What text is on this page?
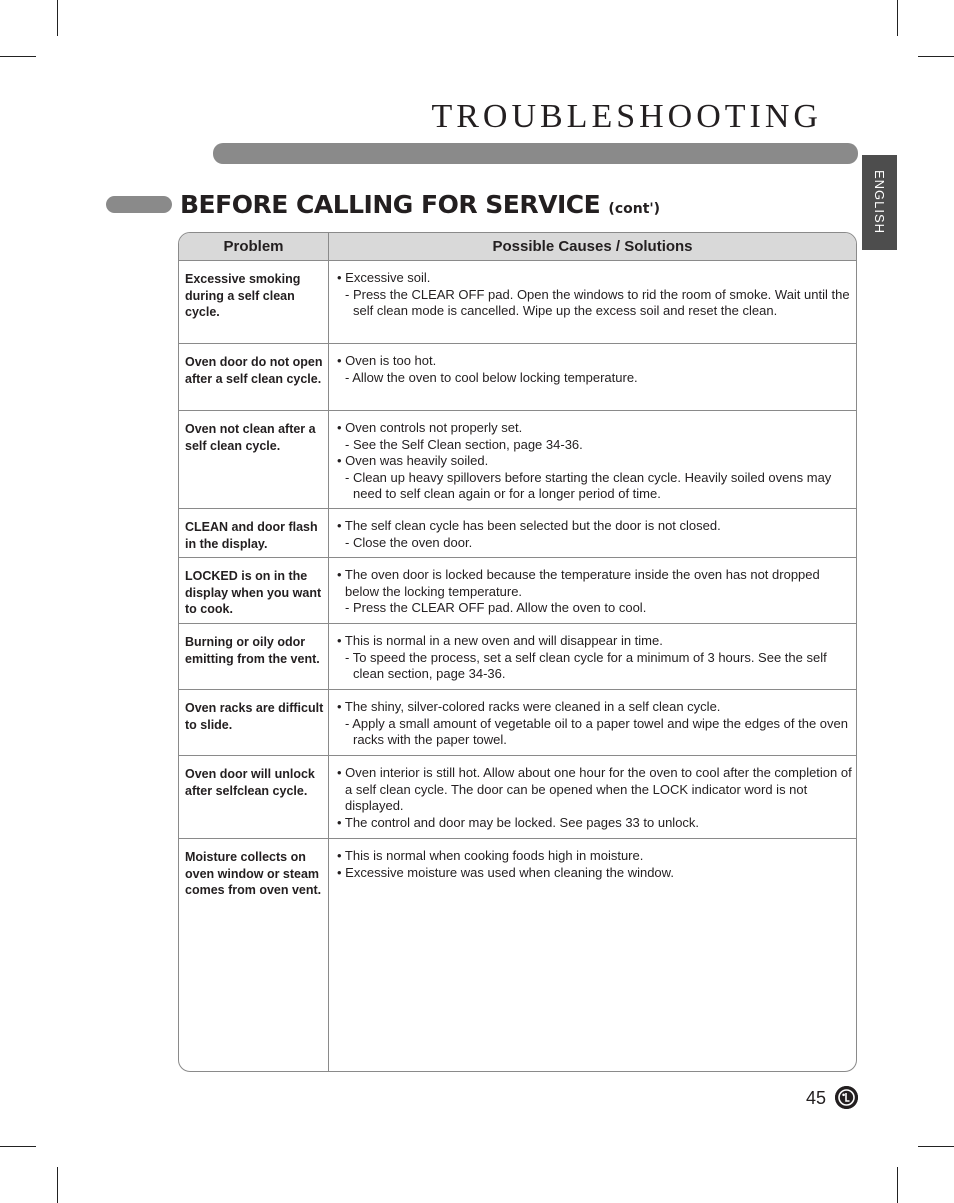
TROUBLESHOOTING
ENGLISH
BEFORE CALLING FOR SERVICE (cont')
Problem	Possible Causes / Solutions
Excessive smoking during a self clean cycle.
• Excessive soil.
- Press the CLEAR OFF pad. Open the windows to rid the room of smoke. Wait until the self clean mode is cancelled. Wipe up the excess soil and reset the clean.
Oven door do not open after a self clean cycle.
• Oven is too hot.
- Allow the oven to cool below locking temperature.
Oven not clean after a self clean cycle.
• Oven controls not properly set.
- See the Self Clean section, page 34-36.
• Oven was heavily soiled.
- Clean up heavy spillovers before starting the clean cycle. Heavily soiled ovens may need to self clean again or for a longer period of time.
CLEAN and door flash in the display.
• The self clean cycle has been selected but the door is not closed.
- Close the oven door.
LOCKED is on in the display when you want to cook.
• The oven door is locked because the temperature inside the oven has not dropped below the locking temperature.
- Press the CLEAR OFF pad. Allow the oven to cool.
Burning or oily odor emitting from the vent.
• This is normal in a new oven and will disappear in time.
- To speed the process, set a self clean cycle for a minimum of 3 hours. See the self clean section, page 34-36.
Oven racks are difficult to slide.
• The shiny, silver-colored racks were cleaned in a self clean cycle.
- Apply a small amount of vegetable oil to a paper towel and wipe the edges of the oven racks with the paper towel.
Oven door will unlock after selfclean cycle.
• Oven interior is still hot. Allow about one hour for the oven to cool after the completion of a self clean cycle. The door can be opened when the LOCK indicator word is not displayed.
• The control and door may be locked. See pages 33 to unlock.
Moisture collects on oven window or steam comes from oven vent.
• This is normal when cooking foods high in moisture.
• Excessive moisture was used when cleaning the window.
45
